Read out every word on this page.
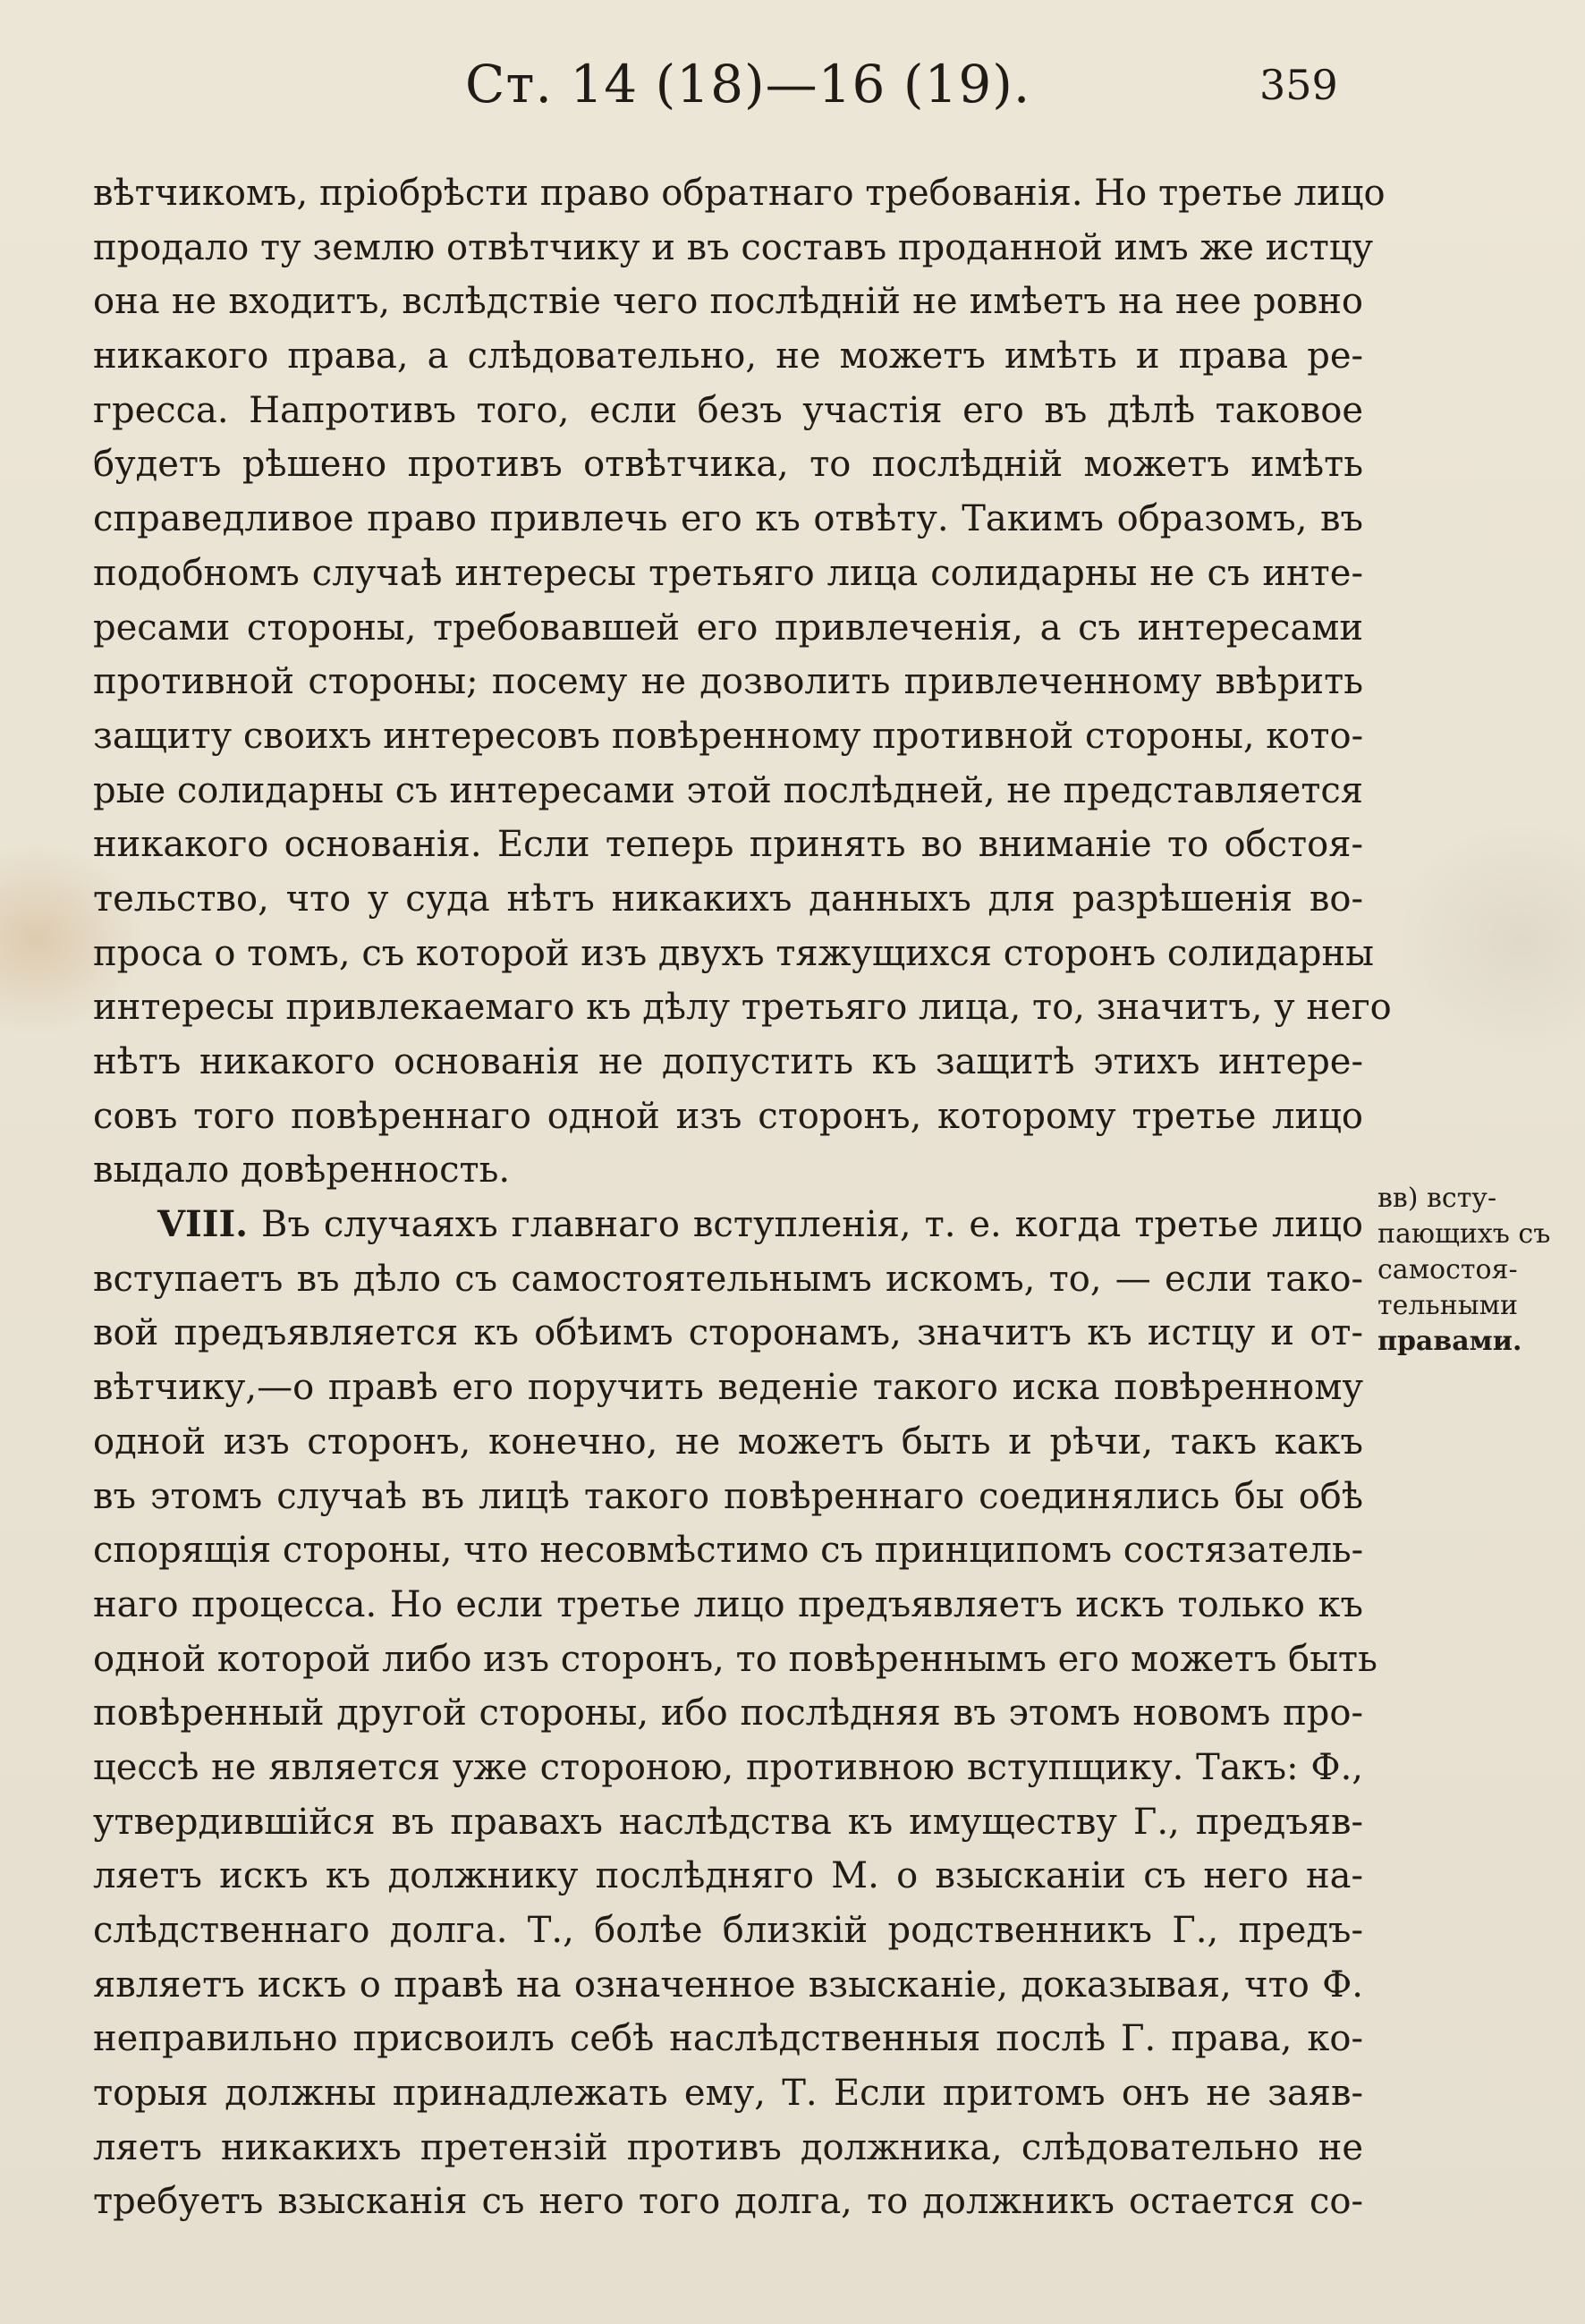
Ст. 14 (18)—16 (19).	359
вѣтчикомъ, пріобрѣсти право обратнаго требованія. Но третье лицо
продало ту землю отвѣтчику и въ составъ проданной имъ же истцу
она не входитъ, вслѣдствіе чего послѣдній не имѣетъ на нее ровно
никакого права, а слѣдовательно, не можетъ имѣть и права ре-
гресса. Напротивъ того, если безъ участія его въ дѣлѣ таковое
будетъ рѣшено противъ отвѣтчика, то послѣдній можетъ имѣть
справедливое право привлечь его къ отвѣту. Такимъ образомъ, въ
подобномъ случаѣ интересы третьяго лица солидарны не съ инте-
ресами стороны, требовавшей его привлеченія, а съ интересами
противной стороны; посему не дозволить привлеченному ввѣрить
защиту своихъ интересовъ повѣренному противной стороны, кото-
рые солидарны съ интересами этой послѣдней, не представляется
никакого основанія. Если теперь принять во вниманіе то обстоя-
тельство, что у суда нѣтъ никакихъ данныхъ для разрѣшенія во-
проса о томъ, съ которой изъ двухъ тяжущихся сторонъ солидарны
интересы привлекаемаго къ дѣлу третьяго лица, то, значитъ, у него
нѣтъ никакого основанія не допустить къ защитѣ этихъ интере-
совъ того повѣреннаго одной изъ сторонъ, которому третье лицо
выдало довѣренность.
VIII. Въ случаяхъ главнаго вступленія, т. е. когда третье лицо
вступаетъ въ дѣло съ самостоятельнымъ искомъ, то, — если тако-
вой предъявляется къ обѣимъ сторонамъ, значитъ къ истцу и от-
вѣтчику,—о правѣ его поручить веденіе такого иска повѣренному
одной изъ сторонъ, конечно, не можетъ быть и рѣчи, такъ какъ
въ этомъ случаѣ въ лицѣ такого повѣреннаго соединялись бы обѣ
спорящія стороны, что несовмѣстимо съ принципомъ состязатель-
наго процесса. Но если третье лицо предъявляетъ искъ только къ
одной которой либо изъ сторонъ, то повѣреннымъ его можетъ быть
повѣренный другой стороны, ибо послѣдняя въ этомъ новомъ про-
цессѣ не является уже стороною, противною вступщику. Такъ: Ф.,
утвердившійся въ правахъ наслѣдства къ имуществу Г., предъяв-
ляетъ искъ къ должнику послѣдняго М. о взысканіи съ него на-
слѣдственнаго долга. Т., болѣе близкій родственникъ Г., предъ-
являетъ искъ о правѣ на означенное взысканіе, доказывая, что Ф.
неправильно присвоилъ себѣ наслѣдственныя послѣ Г. права, ко-
торыя должны принадлежать ему, Т. Если притомъ онъ не заяв-
ляетъ никакихъ претензій противъ должника, слѣдовательно не
требуетъ взысканія съ него того долга, то должникъ остается со-
вв) всту-
пающихъ съ
самостоя-
тельными
правами.
